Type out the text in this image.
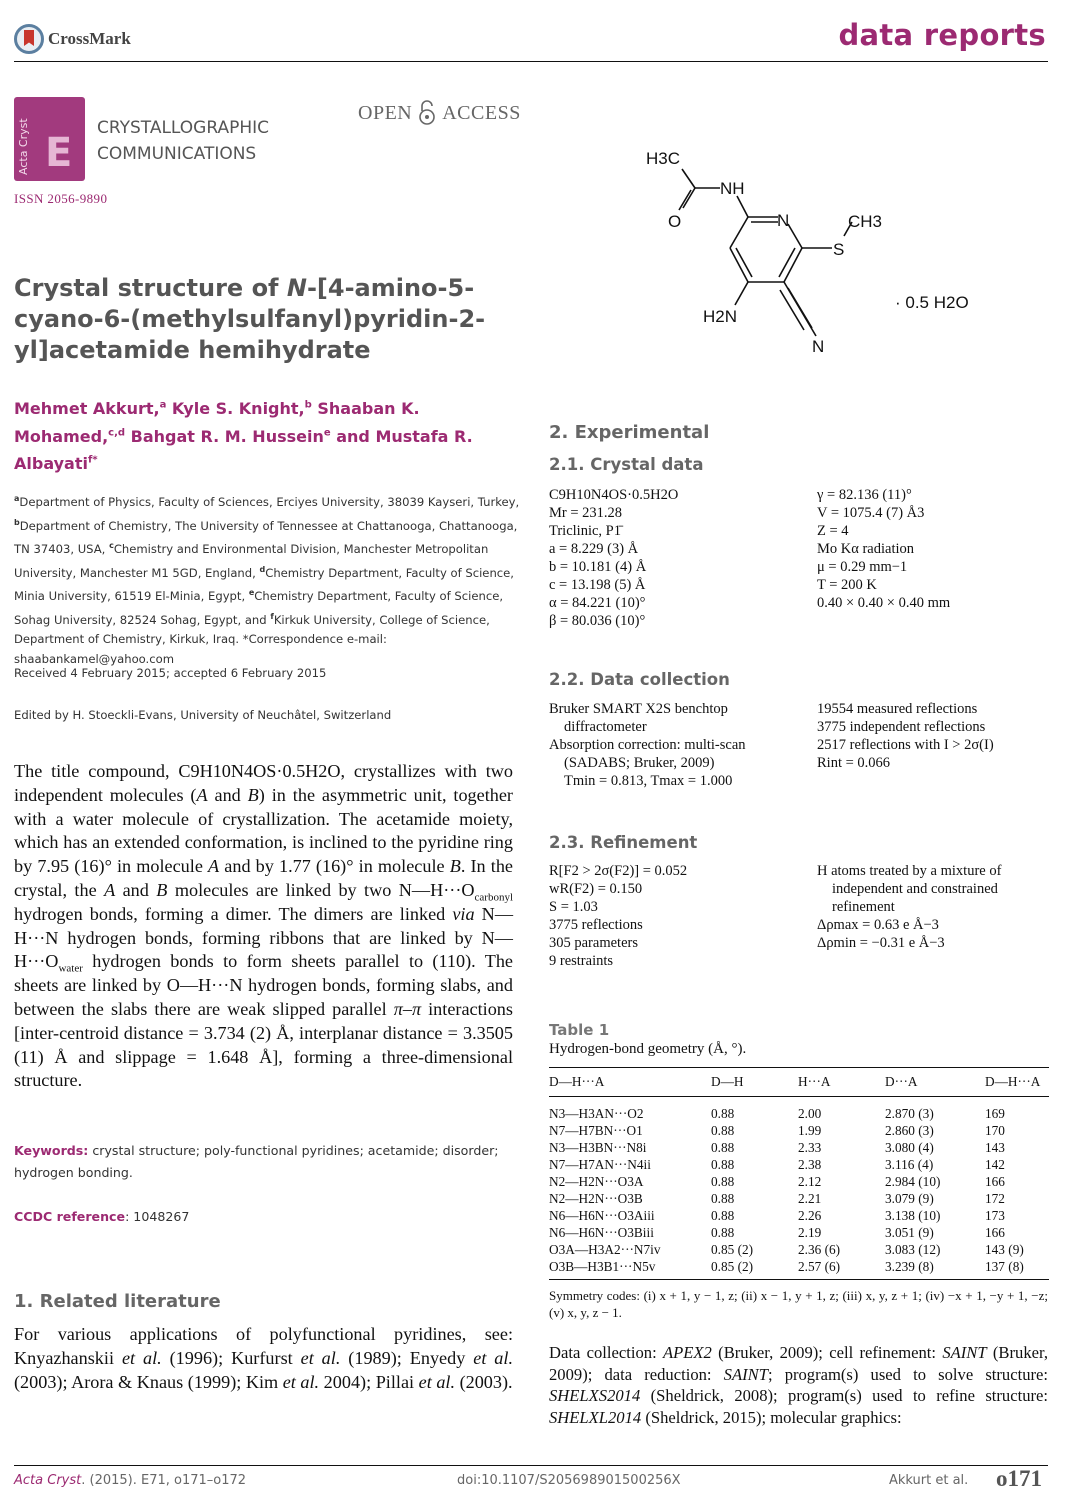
CrossMark	data reports
Acta Cryst E
CRYSTALLOGRAPHIC
COMMUNICATIONS
OPEN ACCESS
ISSN 2056-9890
H3C
NH
O	N	CH3
S
H2N
N
· 0.5 H2O
Crystal structure of N-[4-amino-5-cyano-6-(methylsulfanyl)pyridin-2-yl]acetamide hemihydrate
Mehmet Akkurt,$^a$ Kyle S. Knight,$^b$ Shaaban K. Mohamed,$^{c,d}$ Bahgat R. M. Hussein$^e$ and Mustafa R. Albayati$^{f*}$
$^a$Department of Physics, Faculty of Sciences, Erciyes University, 38039 Kayseri, Turkey, $^b$Department of Chemistry, The University of Tennessee at Chattanooga, Chattanooga, TN 37403, USA, $^c$Chemistry and Environmental Division, Manchester Metropolitan University, Manchester M1 5GD, England, $^d$Chemistry Department, Faculty of Science, Minia University, 61519 El-Minia, Egypt, $^e$Chemistry Department, Faculty of Science, Sohag University, 82524 Sohag, Egypt, and $^f$Kirkuk University, College of Science, Department of Chemistry, Kirkuk, Iraq. *Correspondence e-mail: shaabankamel@yahoo.com
Received 4 February 2015; accepted 6 February 2015
Edited by H. Stoeckli-Evans, University of Neuchâtel, Switzerland
The title compound, C9H10N4OS·0.5H2O, crystallizes with two independent molecules (A and B) in the asymmetric unit, together with a water molecule of crystallization. The acetamide moiety, which has an extended conformation, is inclined to the pyridine ring by 7.95 (16)° in molecule A and by 1.77 (16)° in molecule B. In the crystal, the A and B molecules are linked by two $N—H\cdot\cdot\cdot O_{carbonyl}$ hydrogen bonds, forming a dimer. The dimers are linked via N—H···N hydrogen bonds, forming ribbons that are linked by $N—H\cdot\cdot\cdot O_{water}$ hydrogen bonds to form sheets parallel to (110). The sheets are linked by O—H···N hydrogen bonds, forming slabs, and between the slabs there are weak slipped parallel π–π interactions [inter-centroid distance = 3.734 (2) Å, interplanar distance = 3.3505 (11) Å and slippage = 1.648 Å], forming a three-dimensional structure.
Keywords: crystal structure; poly-functional pyridines; acetamide; disorder; hydrogen bonding.
CCDC reference: 1048267
1. Related literature
For various applications of polyfunctional pyridines, see: Knyazhanskii et al. (1996); Kurfurst et al. (1989); Enyedy et al. (2003); Arora & Knaus (1999); Kim et al. 2004); Pillai et al. (2003).
2. Experimental
2.1. Crystal data
C9H10N4OS·0.5H2O
Mr = 231.28
Triclinic, P1̄
a = 8.229 (3) Å
b = 10.181 (4) Å
c = 13.198 (5) Å
α = 84.221 (10)°
β = 80.036 (10)°
γ = 82.136 (11)°
V = 1075.4 (7) Å3
Z = 4
Mo Kα radiation
μ = 0.29 mm−1
T = 200 K
0.40 × 0.40 × 0.40 mm
2.2. Data collection
Bruker SMART X2S benchtop
diffractometer
Absorption correction: multi-scan
(SADABS; Bruker, 2009)
Tmin = 0.813, Tmax = 1.000
19554 measured reflections
3775 independent reflections
2517 reflections with I > 2σ(I)
Rint = 0.066
2.3. Refinement
R[F2 > 2σ(F2)] = 0.052
wR(F2) = 0.150
S = 1.03
3775 reflections
305 parameters
9 restraints
H atoms treated by a mixture of
independent and constrained
refinement
Δρmax = 0.63 e Å−3
Δρmin = −0.31 e Å−3
Table 1
Hydrogen-bond geometry (Å, °).
D—H···A	D—H	H···A	D···A	D—H···A
N3—H3AN···O2	0.88	2.00	2.870 (3)	169
N7—H7BN···O1	0.88	1.99	2.860 (3)	170
N3—H3BN···N8i	0.88	2.33	3.080 (4)	143
N7—H7AN···N4ii	0.88	2.38	3.116 (4)	142
N2—H2N···O3A	0.88	2.12	2.984 (10)	166
N2—H2N···O3B	0.88	2.21	3.079 (9)	172
N6—H6N···O3Aiii	0.88	2.26	3.138 (10)	173
N6—H6N···O3Biii	0.88	2.19	3.051 (9)	166
O3A—H3A2···N7iv	0.85 (2)	2.36 (6)	3.083 (12)	143 (9)
O3B—H3B1···N5v	0.85 (2)	2.57 (6)	3.239 (8)	137 (8)
Symmetry codes: (i) x + 1, y − 1, z; (ii) x − 1, y + 1, z; (iii) x, y, z + 1; (iv) −x + 1, −y + 1, −z; (v) x, y, z − 1.
Data collection: APEX2 (Bruker, 2009); cell refinement: SAINT (Bruker, 2009); data reduction: SAINT; program(s) used to solve structure: SHELXS2014 (Sheldrick, 2008); program(s) used to refine structure: SHELXL2014 (Sheldrick, 2015); molecular graphics:
Acta Cryst. (2015). E71, o171–o172	doi:10.1107/S205698901500256X	Akkurt et al. o171
